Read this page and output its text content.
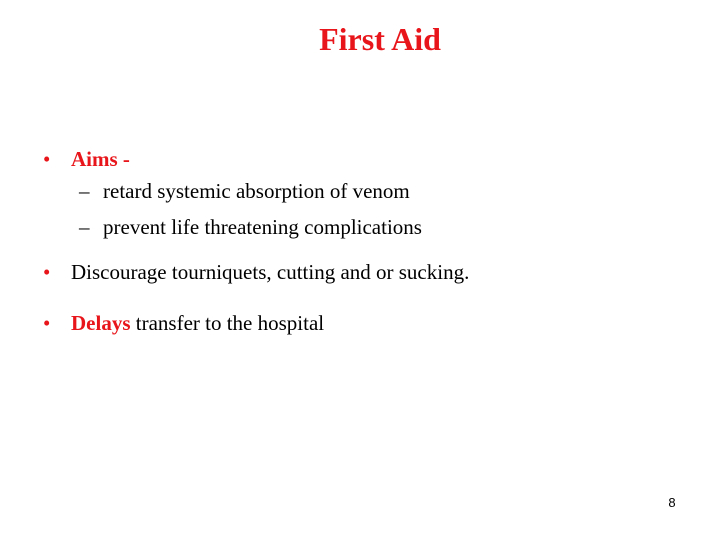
First Aid
• Aims -
– retard systemic absorption of venom
– prevent life threatening complications
• Discourage tourniquets, cutting and or sucking.
• Delays transfer to the hospital
8
